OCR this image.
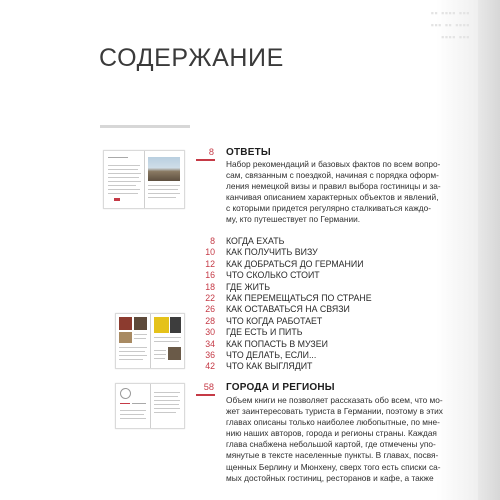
▪▪ ▪▪▪▪ ▪▪▪
▪▪▪ ▪▪ ▪▪▪▪
▪▪▪▪ ▪▪▪
СОДЕРЖАНИЕ
8 ОТВЕТЫ
Набор рекомендаций и базовых фактов по всем вопро-
сам, связанным с поездкой, начиная с порядка оформ-
ления немецкой визы и правил выбора гостиницы и за-
канчивая описанием характерных объектов и явлений,
с которыми придется регулярно сталкиваться каждо-
му, кто путешествует по Германии.
8 КОГДА ЕХАТЬ
10 КАК ПОЛУЧИТЬ ВИЗУ
12 КАК ДОБРАТЬСЯ ДО ГЕРМАНИИ
16 ЧТО СКОЛЬКО СТОИТ
18 ГДЕ ЖИТЬ
22 КАК ПЕРЕМЕЩАТЬСЯ ПО СТРАНЕ
26 КАК ОСТАВАТЬСЯ НА СВЯЗИ
28 ЧТО КОГДА РАБОТАЕТ
30 ГДЕ ЕСТЬ И ПИТЬ
34 КАК ПОПАСТЬ В МУЗЕИ
36 ЧТО ДЕЛАТЬ, ЕСЛИ...
42 ЧТО КАК ВЫГЛЯДИТ
58 ГОРОДА И РЕГИОНЫ
Объем книги не позволяет рассказать обо всем, что мо-
жет заинтересовать туриста в Германии, поэтому в этих
главах описаны только наиболее любопытные, по мне-
нию наших авторов, города и регионы страны. Каждая
глава снабжена небольшой картой, где отмечены упо-
мянутые в тексте населенные пункты. В главах, посвя-
щенных Берлину и Мюнхену, сверх того есть списки са-
мых достойных гостиниц, ресторанов и кафе, а также
